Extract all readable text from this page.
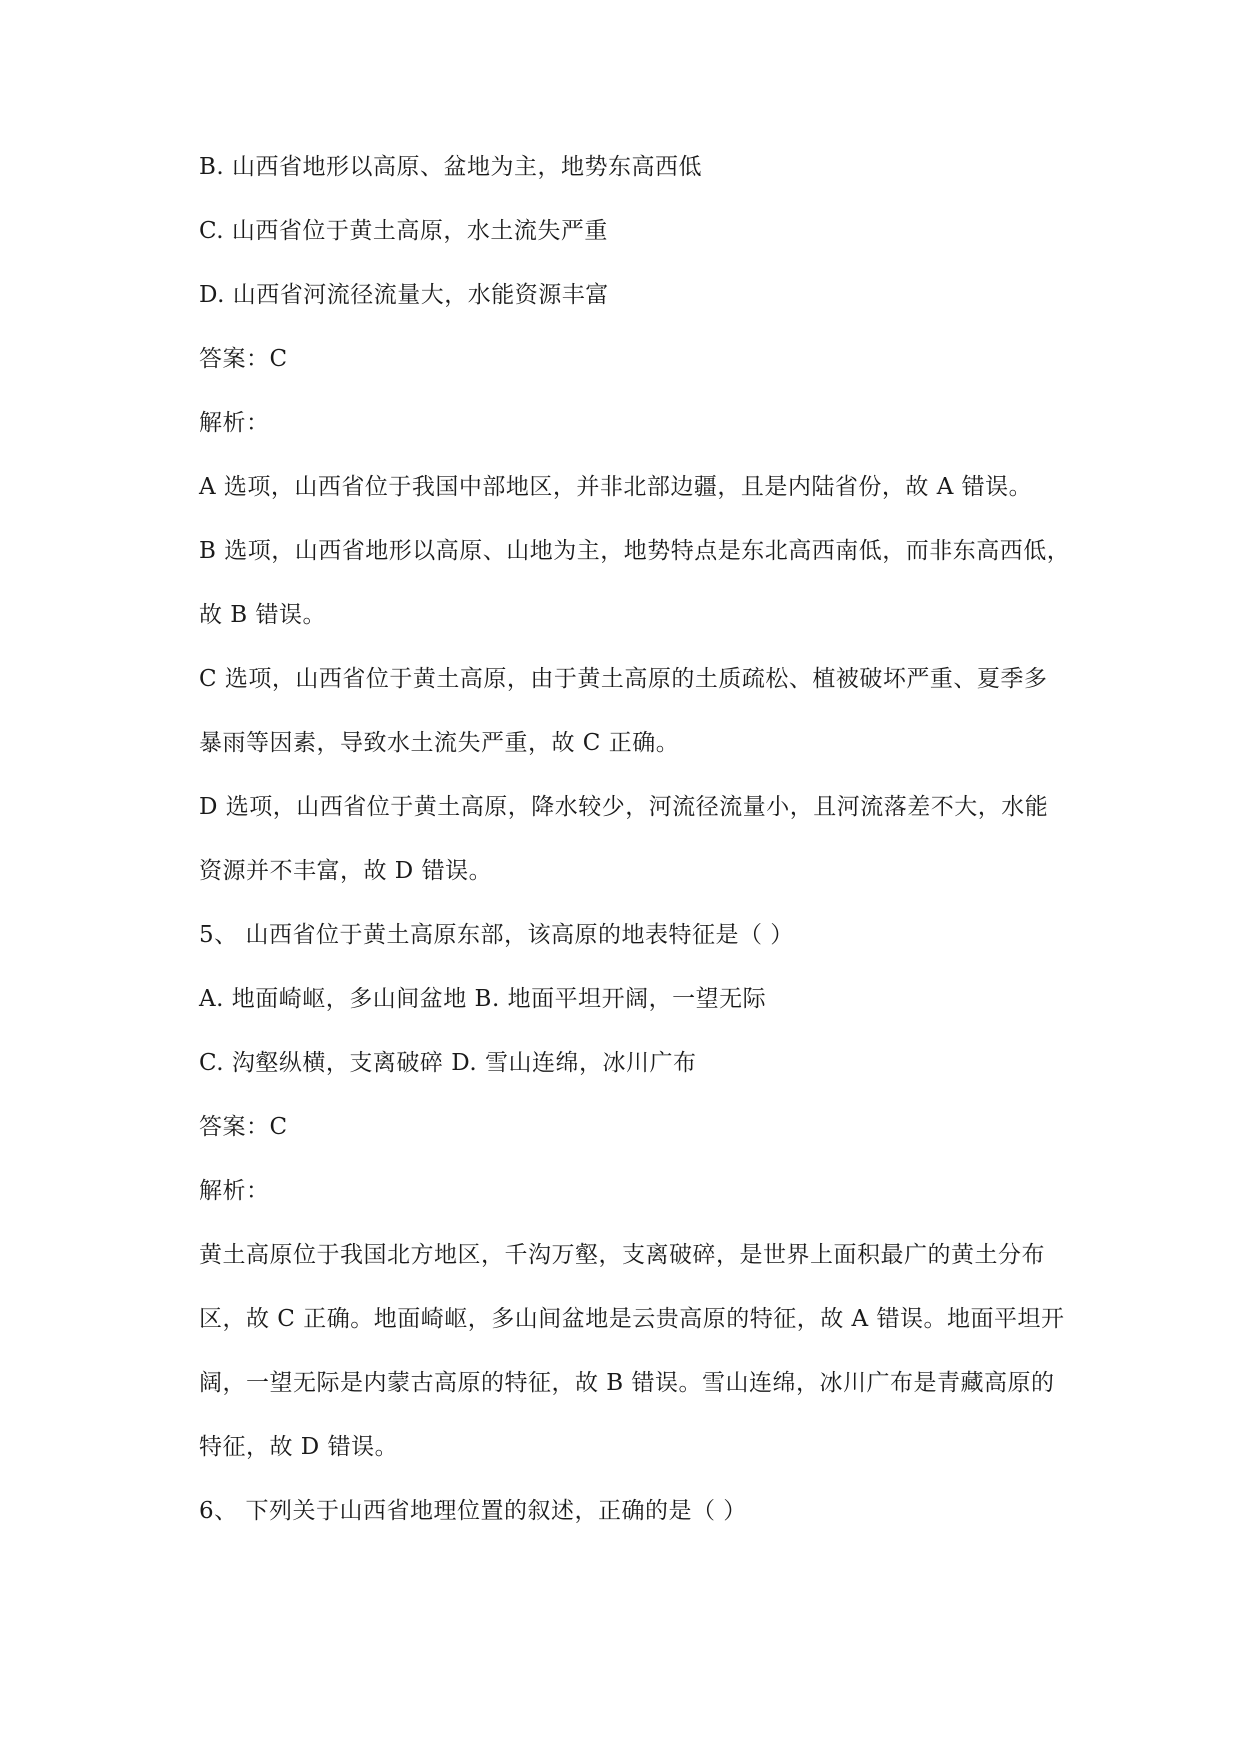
B. 山西省地形以高原、盆地为主，地势东高西低
C. 山西省位于黄土高原，水土流失严重
D. 山西省河流径流量大，水能资源丰富
答案：C
解析：
A 选项，山西省位于我国中部地区，并非北部边疆，且是内陆省份，故 A 错误。
B 选项，山西省地形以高原、山地为主，地势特点是东北高西南低，而非东高西低，
故 B 错误。
C 选项，山西省位于黄土高原，由于黄土高原的土质疏松、植被破坏严重、夏季多
暴雨等因素，导致水土流失严重，故 C 正确。
D 选项，山西省位于黄土高原，降水较少，河流径流量小，且河流落差不大，水能
资源并不丰富，故 D 错误。
5、 山西省位于黄土高原东部，该高原的地表特征是（ ）
A. 地面崎岖，多山间盆地 B. 地面平坦开阔，一望无际
C. 沟壑纵横，支离破碎 D. 雪山连绵，冰川广布
答案：C
解析：
黄土高原位于我国北方地区，千沟万壑，支离破碎，是世界上面积最广的黄土分布
区，故 C 正确。地面崎岖，多山间盆地是云贵高原的特征，故 A 错误。地面平坦开
阔，一望无际是内蒙古高原的特征，故 B 错误。雪山连绵，冰川广布是青藏高原的
特征，故 D 错误。
6、 下列关于山西省地理位置的叙述，正确的是（ ）
